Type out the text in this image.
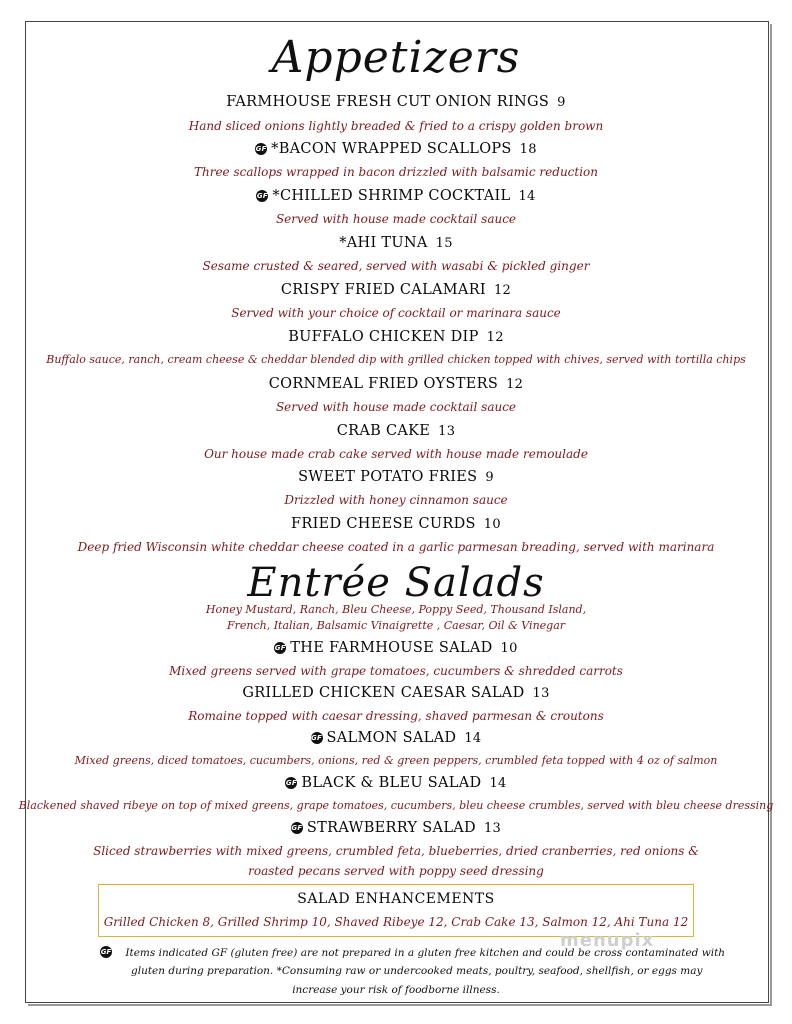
Appetizers
FARMHOUSE FRESH CUT ONION RINGS 9
Hand sliced onions lightly breaded & fried to a crispy golden brown
GF *BACON WRAPPED SCALLOPS 18
Three scallops wrapped in bacon drizzled with balsamic reduction
GF *CHILLED SHRIMP COCKTAIL 14
Served with house made cocktail sauce
*AHI TUNA 15
Sesame crusted & seared, served with wasabi & pickled ginger
CRISPY FRIED CALAMARI 12
Served with your choice of cocktail or marinara sauce
BUFFALO CHICKEN DIP 12
Buffalo sauce, ranch, cream cheese & cheddar blended dip with grilled chicken topped with chives, served with tortilla chips
CORNMEAL FRIED OYSTERS 12
Served with house made cocktail sauce
CRAB CAKE 13
Our house made crab cake served with house made remoulade
SWEET POTATO FRIES 9
Drizzled with honey cinnamon sauce
FRIED CHEESE CURDS 10
Deep fried Wisconsin white cheddar cheese coated in a garlic parmesan breading, served with marinara
Entrée Salads
Honey Mustard, Ranch, Bleu Cheese, Poppy Seed, Thousand Island,
French, Italian, Balsamic Vinaigrette , Caesar, Oil & Vinegar
GF THE FARMHOUSE SALAD 10
Mixed greens served with grape tomatoes, cucumbers & shredded carrots
GRILLED CHICKEN CAESAR SALAD 13
Romaine topped with caesar dressing, shaved parmesan & croutons
GF SALMON SALAD 14
Mixed greens, diced tomatoes, cucumbers, onions, red & green peppers, crumbled feta topped with 4 oz of salmon
GF BLACK & BLEU SALAD 14
Blackened shaved ribeye on top of mixed greens, grape tomatoes, cucumbers, bleu cheese crumbles, served with bleu cheese dressing
GF STRAWBERRY SALAD 13
Sliced strawberries with mixed greens, crumbled feta, blueberries, dried cranberries, red onions &
roasted pecans served with poppy seed dressing
SALAD ENHANCEMENTS
Grilled Chicken 8, Grilled Shrimp 10, Shaved Ribeye 12, Crab Cake 13, Salmon 12, Ahi Tuna 12
GF Items indicated GF (gluten free) are not prepared in a gluten free kitchen and could be cross contaminated with
gluten during preparation. *Consuming raw or undercooked meats, poultry, seafood, shellfish, or eggs may
increase your risk of foodborne illness.
menupix
